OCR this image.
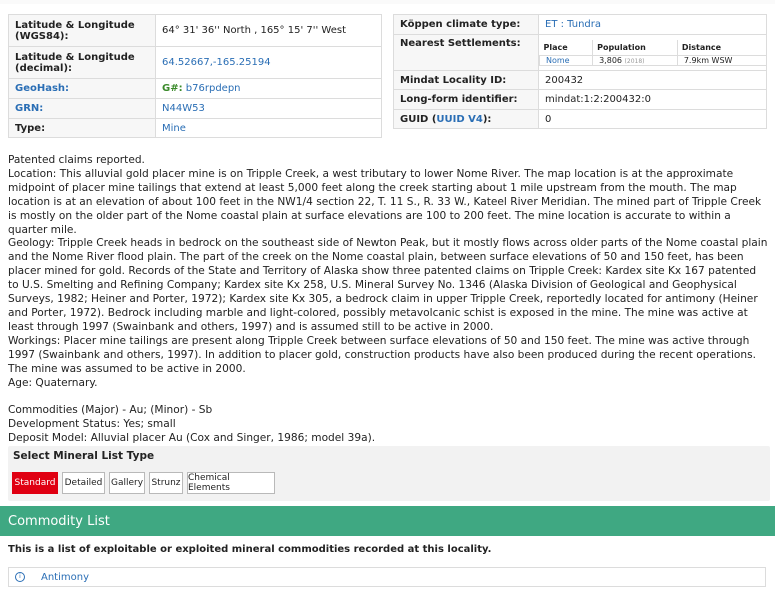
Latitude & Longitude (WGS84):	64° 31' 36'' North , 165° 15' 7'' West
Latitude & Longitude (decimal):	64.52667,-165.25194
GeoHash:	G#: b76rpdepn
GRN:	N44W53
Type:	Mine
Köppen climate type:	ET : Tundra
Nearest Settlements:		Place	Population	Distance
Nome	3,806 (2018)	7.9km WSW

Mindat Locality ID:	200432
Long-form identifier:	mindat:1:2:200432:0
GUID (UUID V4):	0

Patented claims reported.

Location: This alluvial gold placer mine is on Tripple Creek, a west tributary to lower Nome River. The map location is at the approximate midpoint of placer mine tailings that extend at least 5,000 feet along the creek starting about 1 mile upstream from the mouth. The map location is at an elevation of about 100 feet in the NW1/4 section 22, T. 11 S., R. 33 W., Kateel River Meridian. The mined part of Tripple Creek is mostly on the older part of the Nome coastal plain at surface elevations are 100 to 200 feet. The mine location is accurate to within a quarter mile.

Geology: Tripple Creek heads in bedrock on the southeast side of Newton Peak, but it mostly flows across older parts of the Nome coastal plain and the Nome River flood plain. The part of the creek on the Nome coastal plain, between surface elevations of 50 and 150 feet, has been placer mined for gold. Records of the State and Territory of Alaska show three patented claims on Tripple Creek: Kardex site Kx 167 patented to U.S. Smelting and Refining Company; Kardex site Kx 258, U.S. Mineral Survey No. 1346 (Alaska Division of Geological and Geophysical Surveys, 1982; Heiner and Porter, 1972); Kardex site Kx 305, a bedrock claim in upper Tripple Creek, reportedly located for antimony (Heiner and Porter, 1972). Bedrock including marble and light-colored, possibly metavolcanic schist is exposed in the mine. The mine was active at least through 1997 (Swainbank and others, 1997) and is assumed still to be active in 2000.

Workings: Placer mine tailings are present along Tripple Creek between surface elevations of 50 and 150 feet. The mine was active through 1997 (Swainbank and others, 1997). In addition to placer gold, construction products have also been produced during the recent operations. The mine was assumed to be active in 2000.

Age: Quaternary.

Commodities (Major) - Au; (Minor) - Sb

Development Status: Yes; small

Deposit Model: Alluvial placer Au (Cox and Singer, 1986; model 39a).

Select Mineral List Type
Standard Detailed Gallery Strunz Chemical Elements
Commodity List
This is a list of exploitable or exploited mineral commodities recorded at this locality.
i	Antimony
